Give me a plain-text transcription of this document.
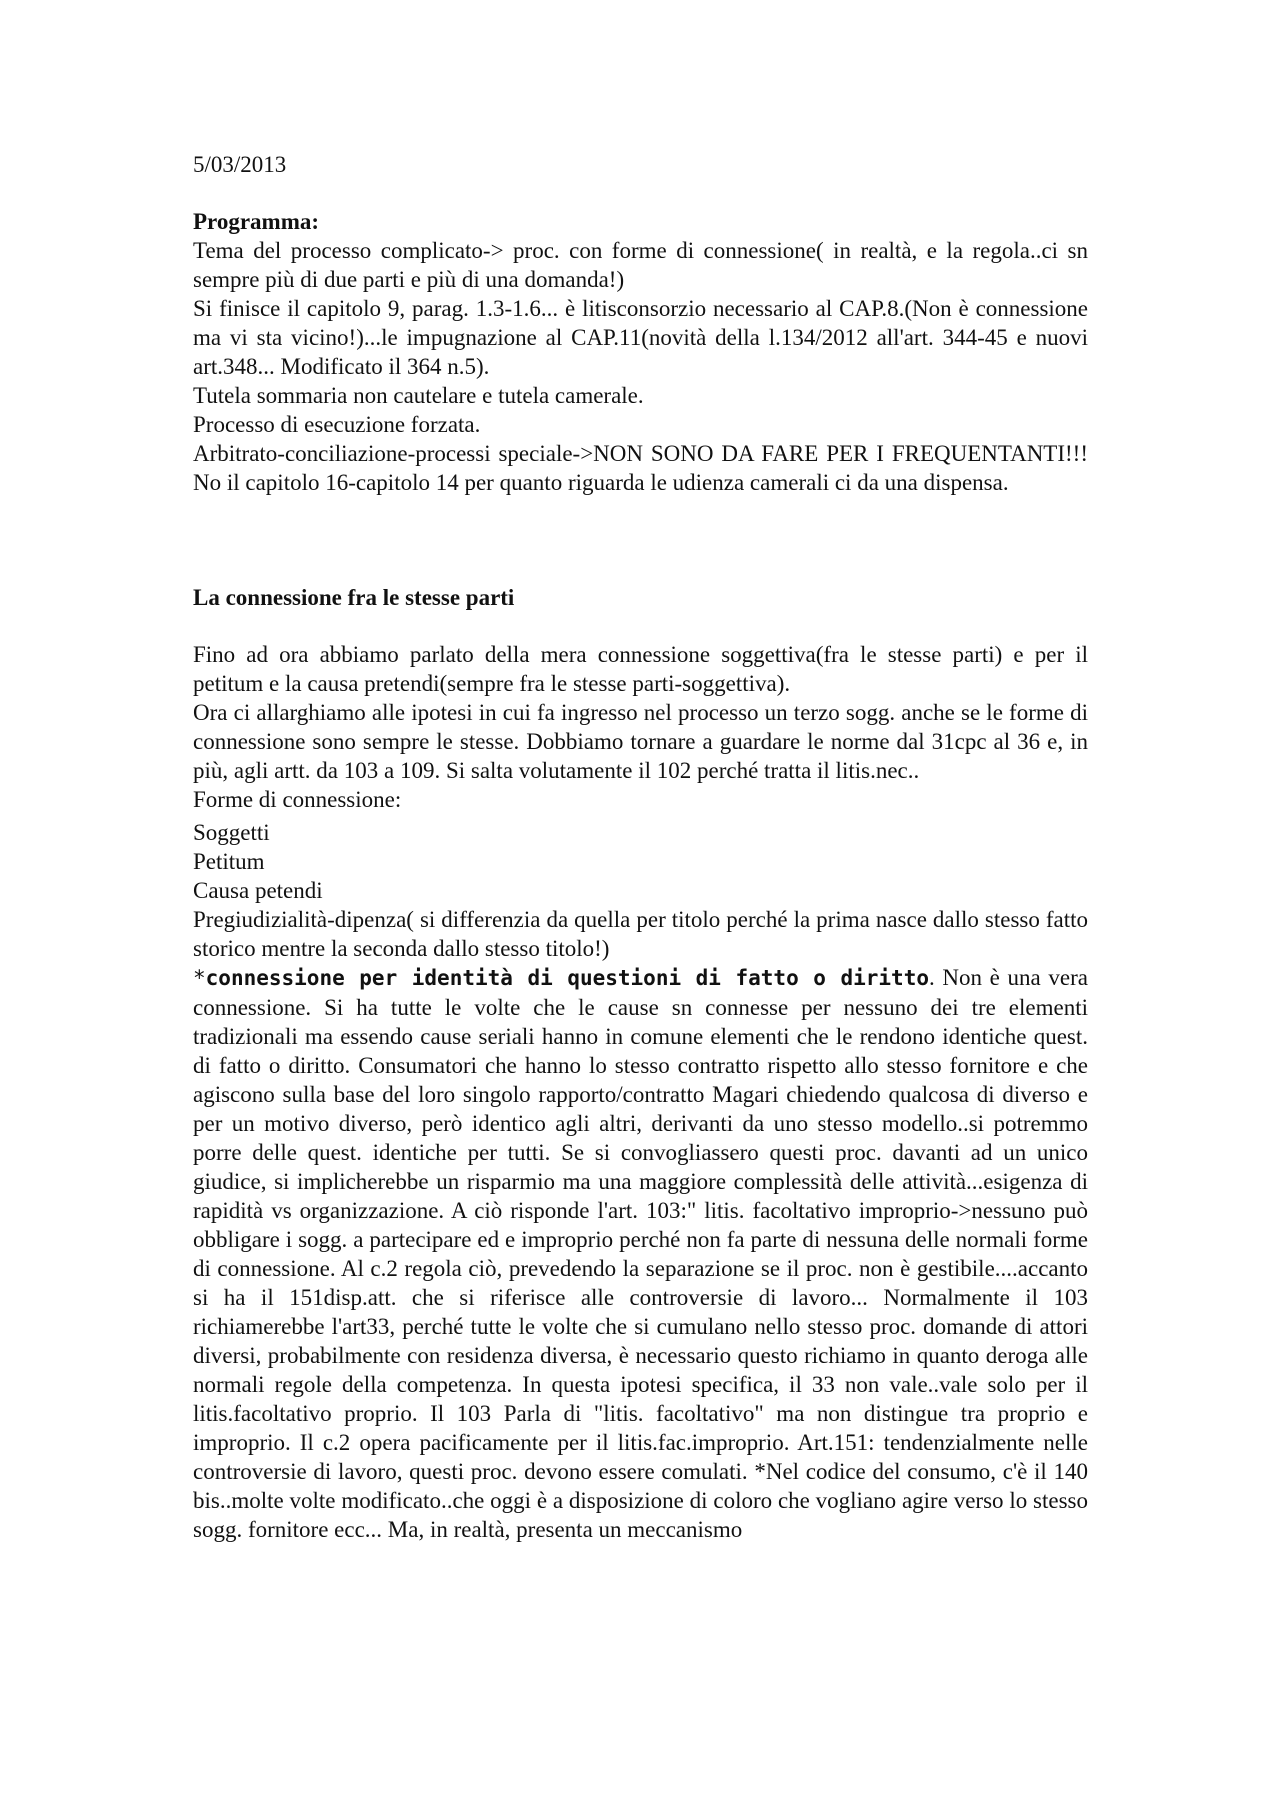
5/03/2013

Programma:

Tema del processo complicato-> proc. con forme di connessione( in realtà, e la regola..ci sn sempre più di due parti e più di una domanda!)

Si finisce il capitolo 9, parag. 1.3-1.6... è litisconsorzio necessario al CAP.8.(Non è connessione ma vi sta vicino!)...le impugnazione al CAP.11(novità della l.134/2012 all'art. 344-45 e nuovi art.348... Modificato il 364 n.5).

Tutela sommaria non cautelare e tutela camerale.

Processo di esecuzione forzata.

Arbitrato-conciliazione-processi speciale->NON SONO DA FARE PER I FREQUENTANTI!!! No il capitolo 16-capitolo 14 per quanto riguarda le udienza camerali ci da una dispensa.

La connessione fra le stesse parti

Fino ad ora abbiamo parlato della mera connessione soggettiva(fra le stesse parti) e per il petitum e la causa pretendi(sempre fra le stesse parti-soggettiva).

Ora ci allarghiamo alle ipotesi in cui fa ingresso nel processo un terzo sogg. anche se le forme di connessione sono sempre le stesse. Dobbiamo tornare a guardare le norme dal 31cpc al 36 e, in più, agli artt. da 103 a 109. Si salta volutamente il 102 perché tratta il litis.nec..

Forme di connessione:

Soggetti

Petitum

Causa petendi

Pregiudizialità-dipenza( si differenzia da quella per titolo perché la prima nasce dallo stesso fatto storico mentre la seconda dallo stesso titolo!)

*connessione per identità di questioni di fatto o diritto. Non è una vera connessione. Si ha tutte le volte che le cause sn connesse per nessuno dei tre elementi tradizionali ma essendo cause seriali hanno in comune elementi che le rendono identiche quest. di fatto o diritto. Consumatori che hanno lo stesso contratto rispetto allo stesso fornitore e che agiscono sulla base del loro singolo rapporto/contratto Magari chiedendo qualcosa di diverso e per un motivo diverso, però identico agli altri, derivanti da uno stesso modello..si potremmo porre delle quest. identiche per tutti. Se si convogliassero questi proc. davanti ad un unico giudice, si implicherebbe un risparmio ma una maggiore complessità delle attività...esigenza di rapidità vs organizzazione. A ciò risponde l'art. 103:" litis. facoltativo improprio->nessuno può obbligare i sogg. a partecipare ed e improprio perché non fa parte di nessuna delle normali forme di connessione. Al c.2 regola ciò, prevedendo la separazione se il proc. non è gestibile....accanto si ha il 151disp.att. che si riferisce alle controversie di lavoro... Normalmente il 103 richiamerebbe l'art33, perché tutte le volte che si cumulano nello stesso proc. domande di attori diversi, probabilmente con residenza diversa, è necessario questo richiamo in quanto deroga alle normali regole della competenza. In questa ipotesi specifica, il 33 non vale..vale solo per il litis.facoltativo proprio. Il 103 Parla di "litis. facoltativo" ma non distingue tra proprio e improprio. Il c.2 opera pacificamente per il litis.fac.improprio. Art.151: tendenzialmente nelle controversie di lavoro, questi proc. devono essere comulati. *Nel codice del consumo, c'è il 140 bis..molte volte modificato..che oggi è a disposizione di coloro che vogliano agire verso lo stesso sogg. fornitore ecc... Ma, in realtà, presenta un meccanismo
